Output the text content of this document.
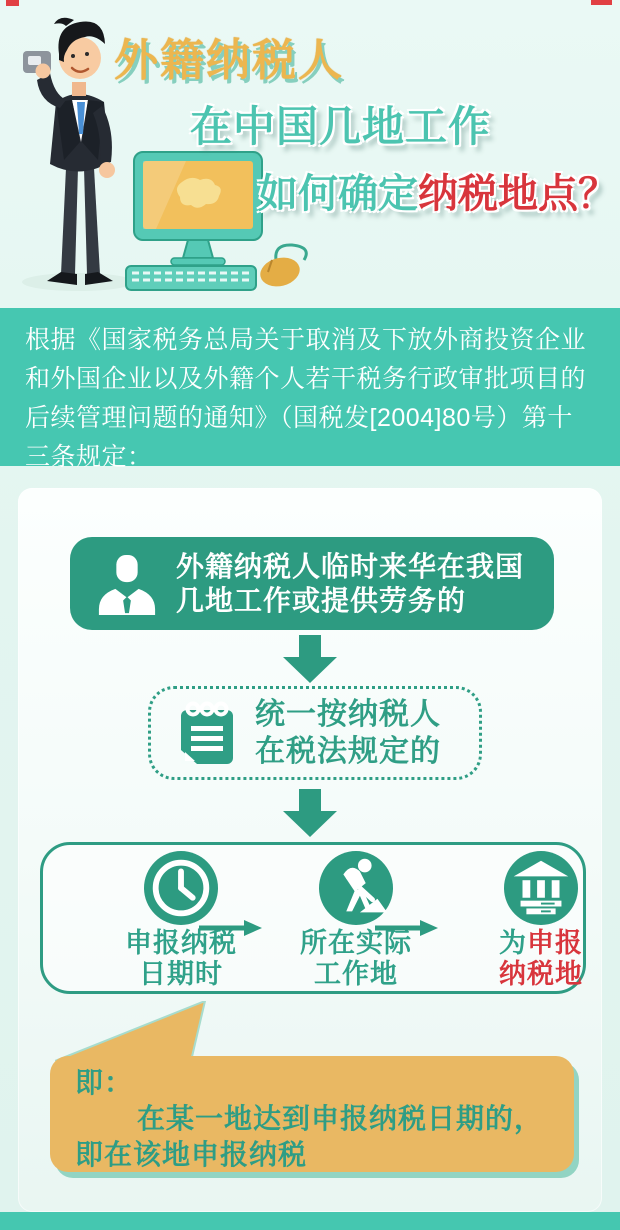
外籍纳税人
在中国几地工作
如何确定纳税地点？
根据《国家税务总局关于取消及下放外商投资企业
和外国企业以及外籍个人若干税务行政审批项目的
后续管理问题的通知》（国税发[2004]80号）第十
三条规定：
外籍纳税人临时来华在我国
几地工作或提供劳务的
统一按纳税人
在税法规定的
申报纳税
日期时
所在实际
工作地
为申报
纳税地
即：
在某一地达到申报纳税日期的，
即在该地申报纳税
